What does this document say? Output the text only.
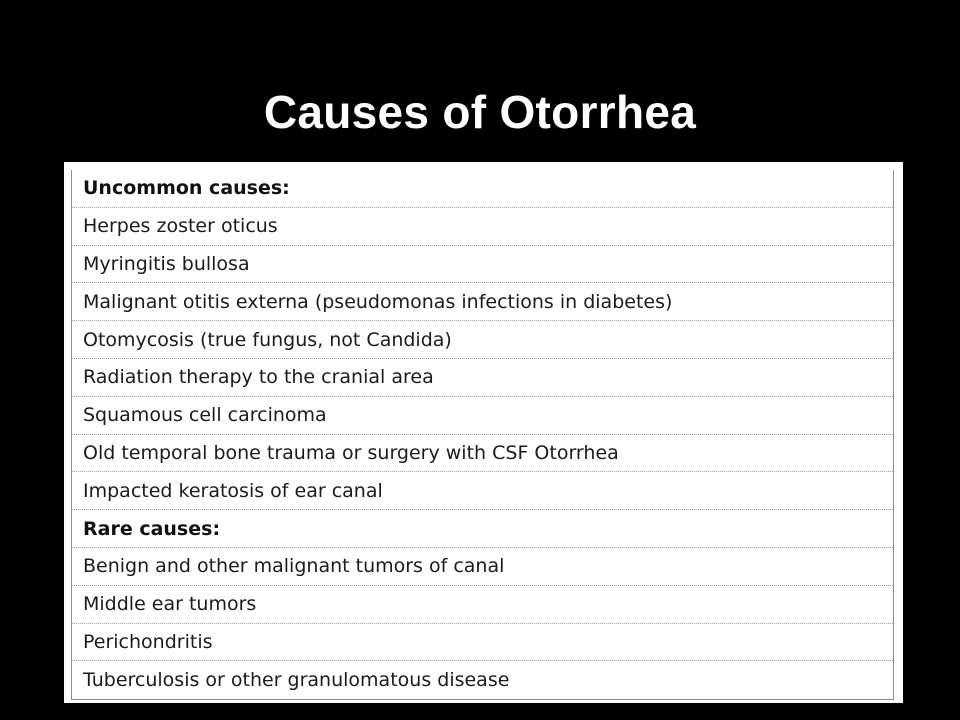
Causes of Otorrhea
Uncommon causes:
Herpes zoster oticus
Myringitis bullosa
Malignant otitis externa (pseudomonas infections in diabetes)
Otomycosis (true fungus, not Candida)
Radiation therapy to the cranial area
Squamous cell carcinoma
Old temporal bone trauma or surgery with CSF Otorrhea
Impacted keratosis of ear canal
Rare causes:
Benign and other malignant tumors of canal
Middle ear tumors
Perichondritis
Tuberculosis or other granulomatous disease
